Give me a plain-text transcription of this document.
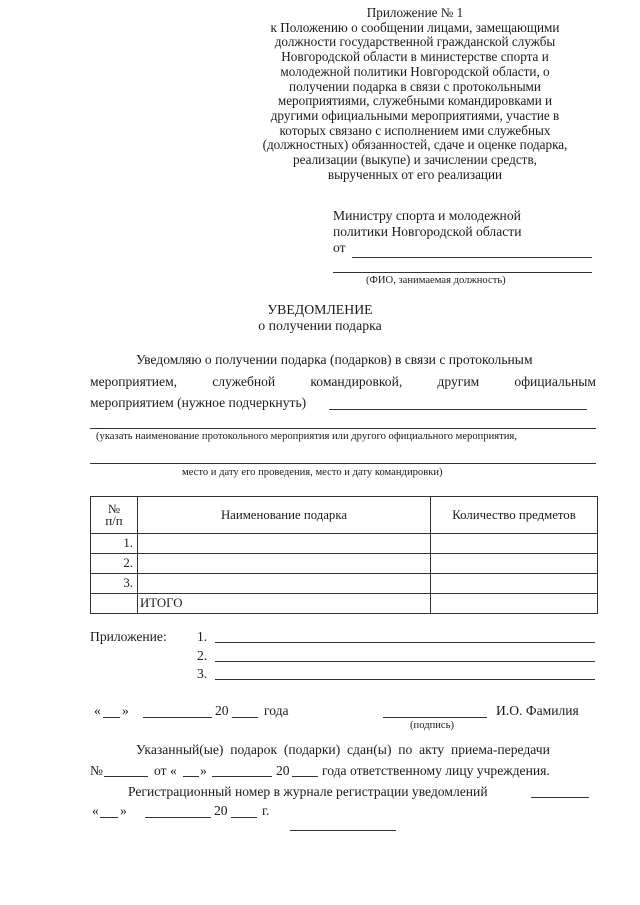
Приложение № 1
к Положению о сообщении лицами, замещающими
должности государственной гражданской службы
Новгородской области в министерстве спорта и
молодежной политики Новгородской области, о
получении подарка в связи с протокольными
мероприятиями, служебными командировками и
другими официальными мероприятиями, участие в
которых связано с исполнением ими служебных
(должностных) обязанностей, сдаче и оценке подарка,
реализации (выкупе) и зачислении средств,
вырученных от его реализации
Министру спорта и молодежной
политики Новгородской области
от
(ФИО, занимаемая должность)
УВЕДОМЛЕНИЕ
о получении подарка
Уведомляю о получении подарка (подарков) в связи с протокольным
мероприятием,	служебной	командировкой,	другим	официальным
мероприятием (нужное подчеркнуть)
(указать наименование протокольного мероприятия или другого официального мероприятия,
место и дату его проведения, место и дату командировки)
№
п/п	Наименование подарка	Количество предметов
1.		
2.		
3.		
	ИТОГО	
Приложение: 1.
2.
3.
« »	20	года	И.О. Фамилия
(подпись)
Указанный(ые)  подарок  (подарки)  сдан(ы)  по  акту  приема-передачи
№	от « »	20 года ответственному лицу учреждения.
Регистрационный номер в журнале регистрации уведомлений
« »	20	г.
